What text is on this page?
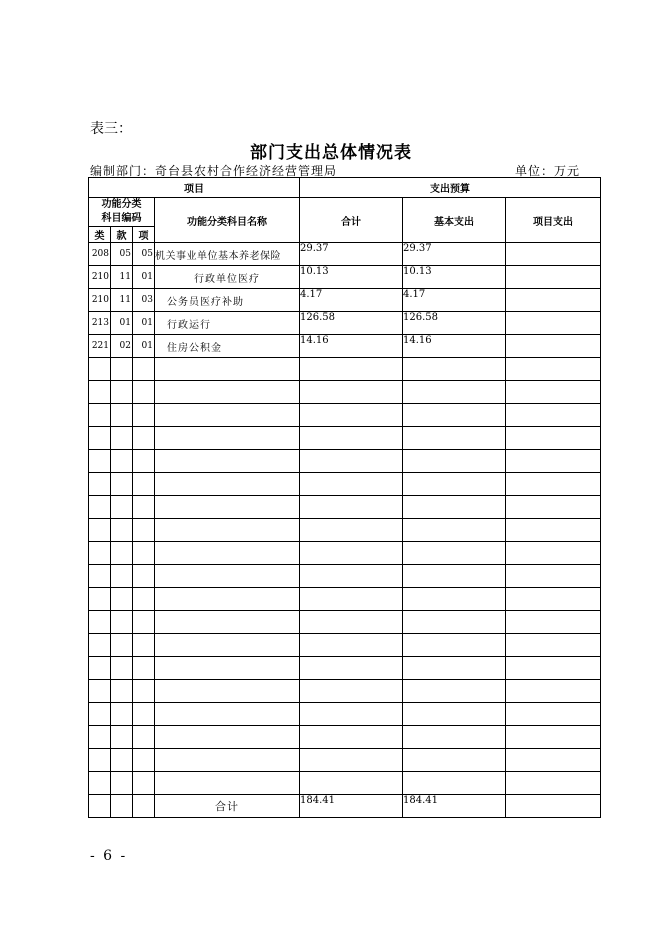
表三：
部门支出总体情况表
编制部门：奇台县农村合作经济经营管理局	单位：万元
项目				支出预算		
功能分类科目编码			功能分类科目名称	合计	基本支出	项目支出
类	款	项				
208	05	05	机关事业单位基本养老保险	29.37	29.37	
210	11	01	行政单位医疗	10.13	10.13	
210	11	03	公务员医疗补助	4.17	4.17	
213	01	01	行政运行	126.58	126.58	
221	02	01	住房公积金	14.16	14.16	

			合计	184.41	184.41	
- 6 -
